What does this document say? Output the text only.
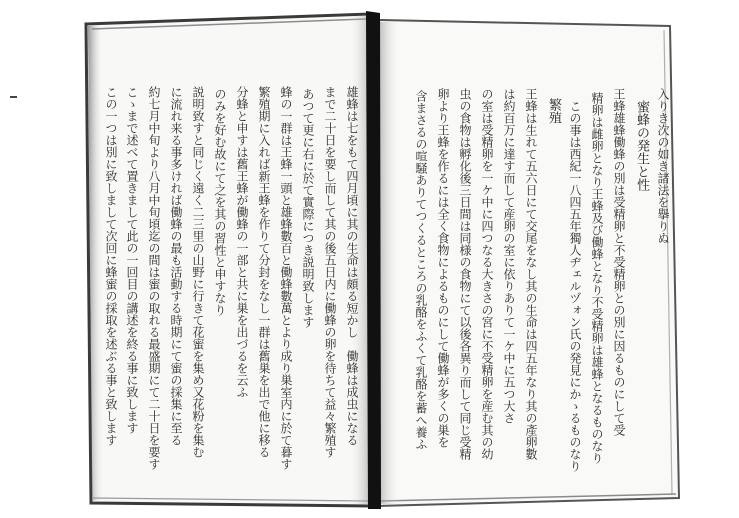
入りき次の如き諸法を擧りぬ
蜜蜂の発生と性
王蜂雄蜂働蜂の別は受精卵と不受精卵との別に因るものにして受
精卵は雌卵となり王蜂及び働蜂となり不受精卵は雄蜂となるものなり
この事は西紀一八四五年獨人ヂェルヅォン氏の発見にかゝるものなり
繁殖
王蜂は生れて五六日にて交尾をなし其の生命は四五年なり其の產卵數
は約百万に達す而して産卵の室に依りありて一ケ中に五つ大さ
の室は受精卵を一ケ中に四つなる大きさの宮に不受精卵を産む其の幼
虫の食物は孵化後三日間は同様の食物にて以後各異り而して同じ受精
卵より王蜂を作るには全く食物によるものにして働蜂が多くの巣を
含まさるの喧騒ありてつくるところの乳酪をふくて乳酪を蓄へ養ふ
雄蜂は七をもて四月頃に其の生命は頗る短かし　働蜂は成虫になる
まで二十日を要し而して其の後五日内に働蜂の卵を待ちて益々繁殖す
あつて更に右に於て實際につき説明致します
蜂の一群は王蜂一頭と雄蜂數百と働蜂數萬とより成り巣室内に於て暮す
繁殖期に入れば新王蜂を作りて分封をなし一群は舊巣を出で他に移る
分蜂と申すは舊王蜂が働蜂の一部と共に巣を出づるを云ふ
のみを好む故にて之を其の習性と申すなり
説明致すと同じく遠く二三里の山野に行きて花蜜を集め又花粉を集む
に流れ来る事多ければ働蜂の最も活動する時期にて蜜の採集に至る
約七月中旬より八月中旬頃迄の間は蜜の取れる最盛期にて二十日を要す
こゝまで述べて置きまして此の一回目の講述を終る事に致します
この一つは別に致しまして次回に蜂蜜の採取を述ぶる事と致します
